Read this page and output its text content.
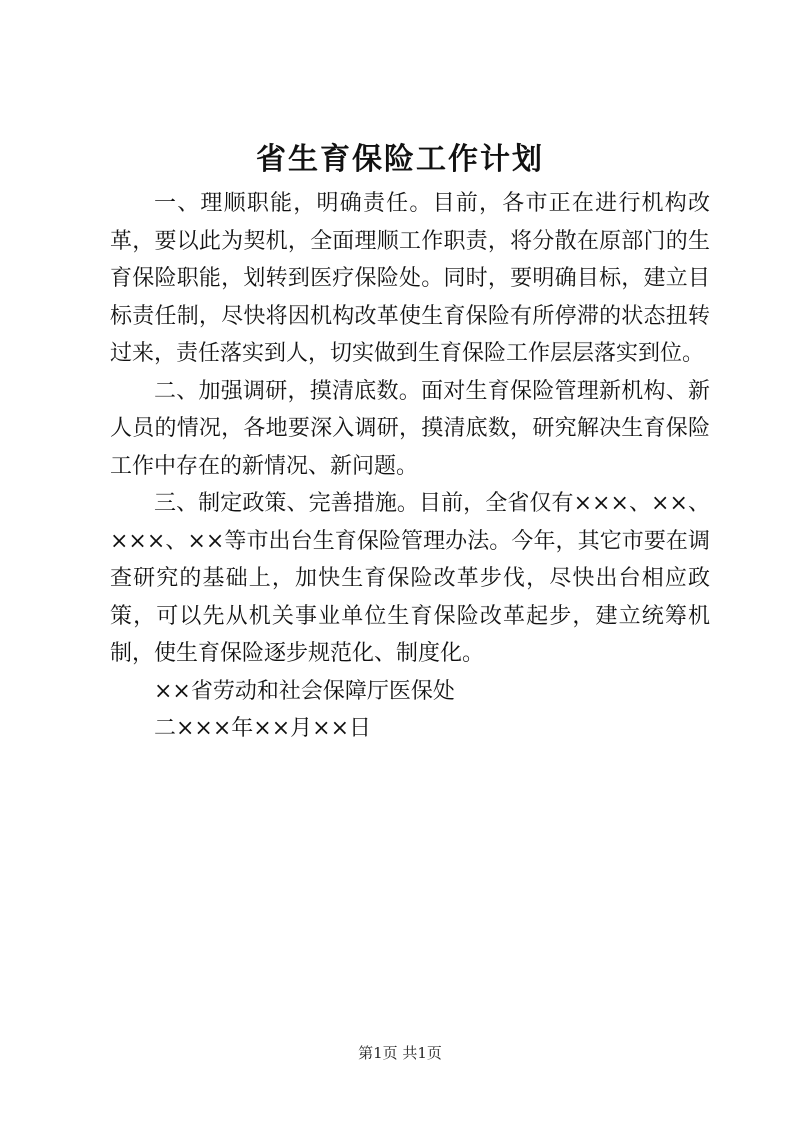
省生育保险工作计划

一、理顺职能，明确责任。目前，各市正在进行机构改革，要以此为契机，全面理顺工作职责，将分散在原部门的生育保险职能，划转到医疗保险处。同时，要明确目标，建立目标责任制，尽快将因机构改革使生育保险有所停滞的状态扭转过来，责任落实到人，切实做到生育保险工作层层落实到位。

二、加强调研，摸清底数。面对生育保险管理新机构、新人员的情况，各地要深入调研，摸清底数，研究解决生育保险工作中存在的新情况、新问题。

三、制定政策、完善措施。目前，全省仅有×××、××、×××、××等市出台生育保险管理办法。今年，其它市要在调查研究的基础上，加快生育保险改革步伐，尽快出台相应政策，可以先从机关事业单位生育保险改革起步，建立统筹机制，使生育保险逐步规范化、制度化。

××省劳动和社会保障厅医保处

二×××年××月××日

第1页 共1页
